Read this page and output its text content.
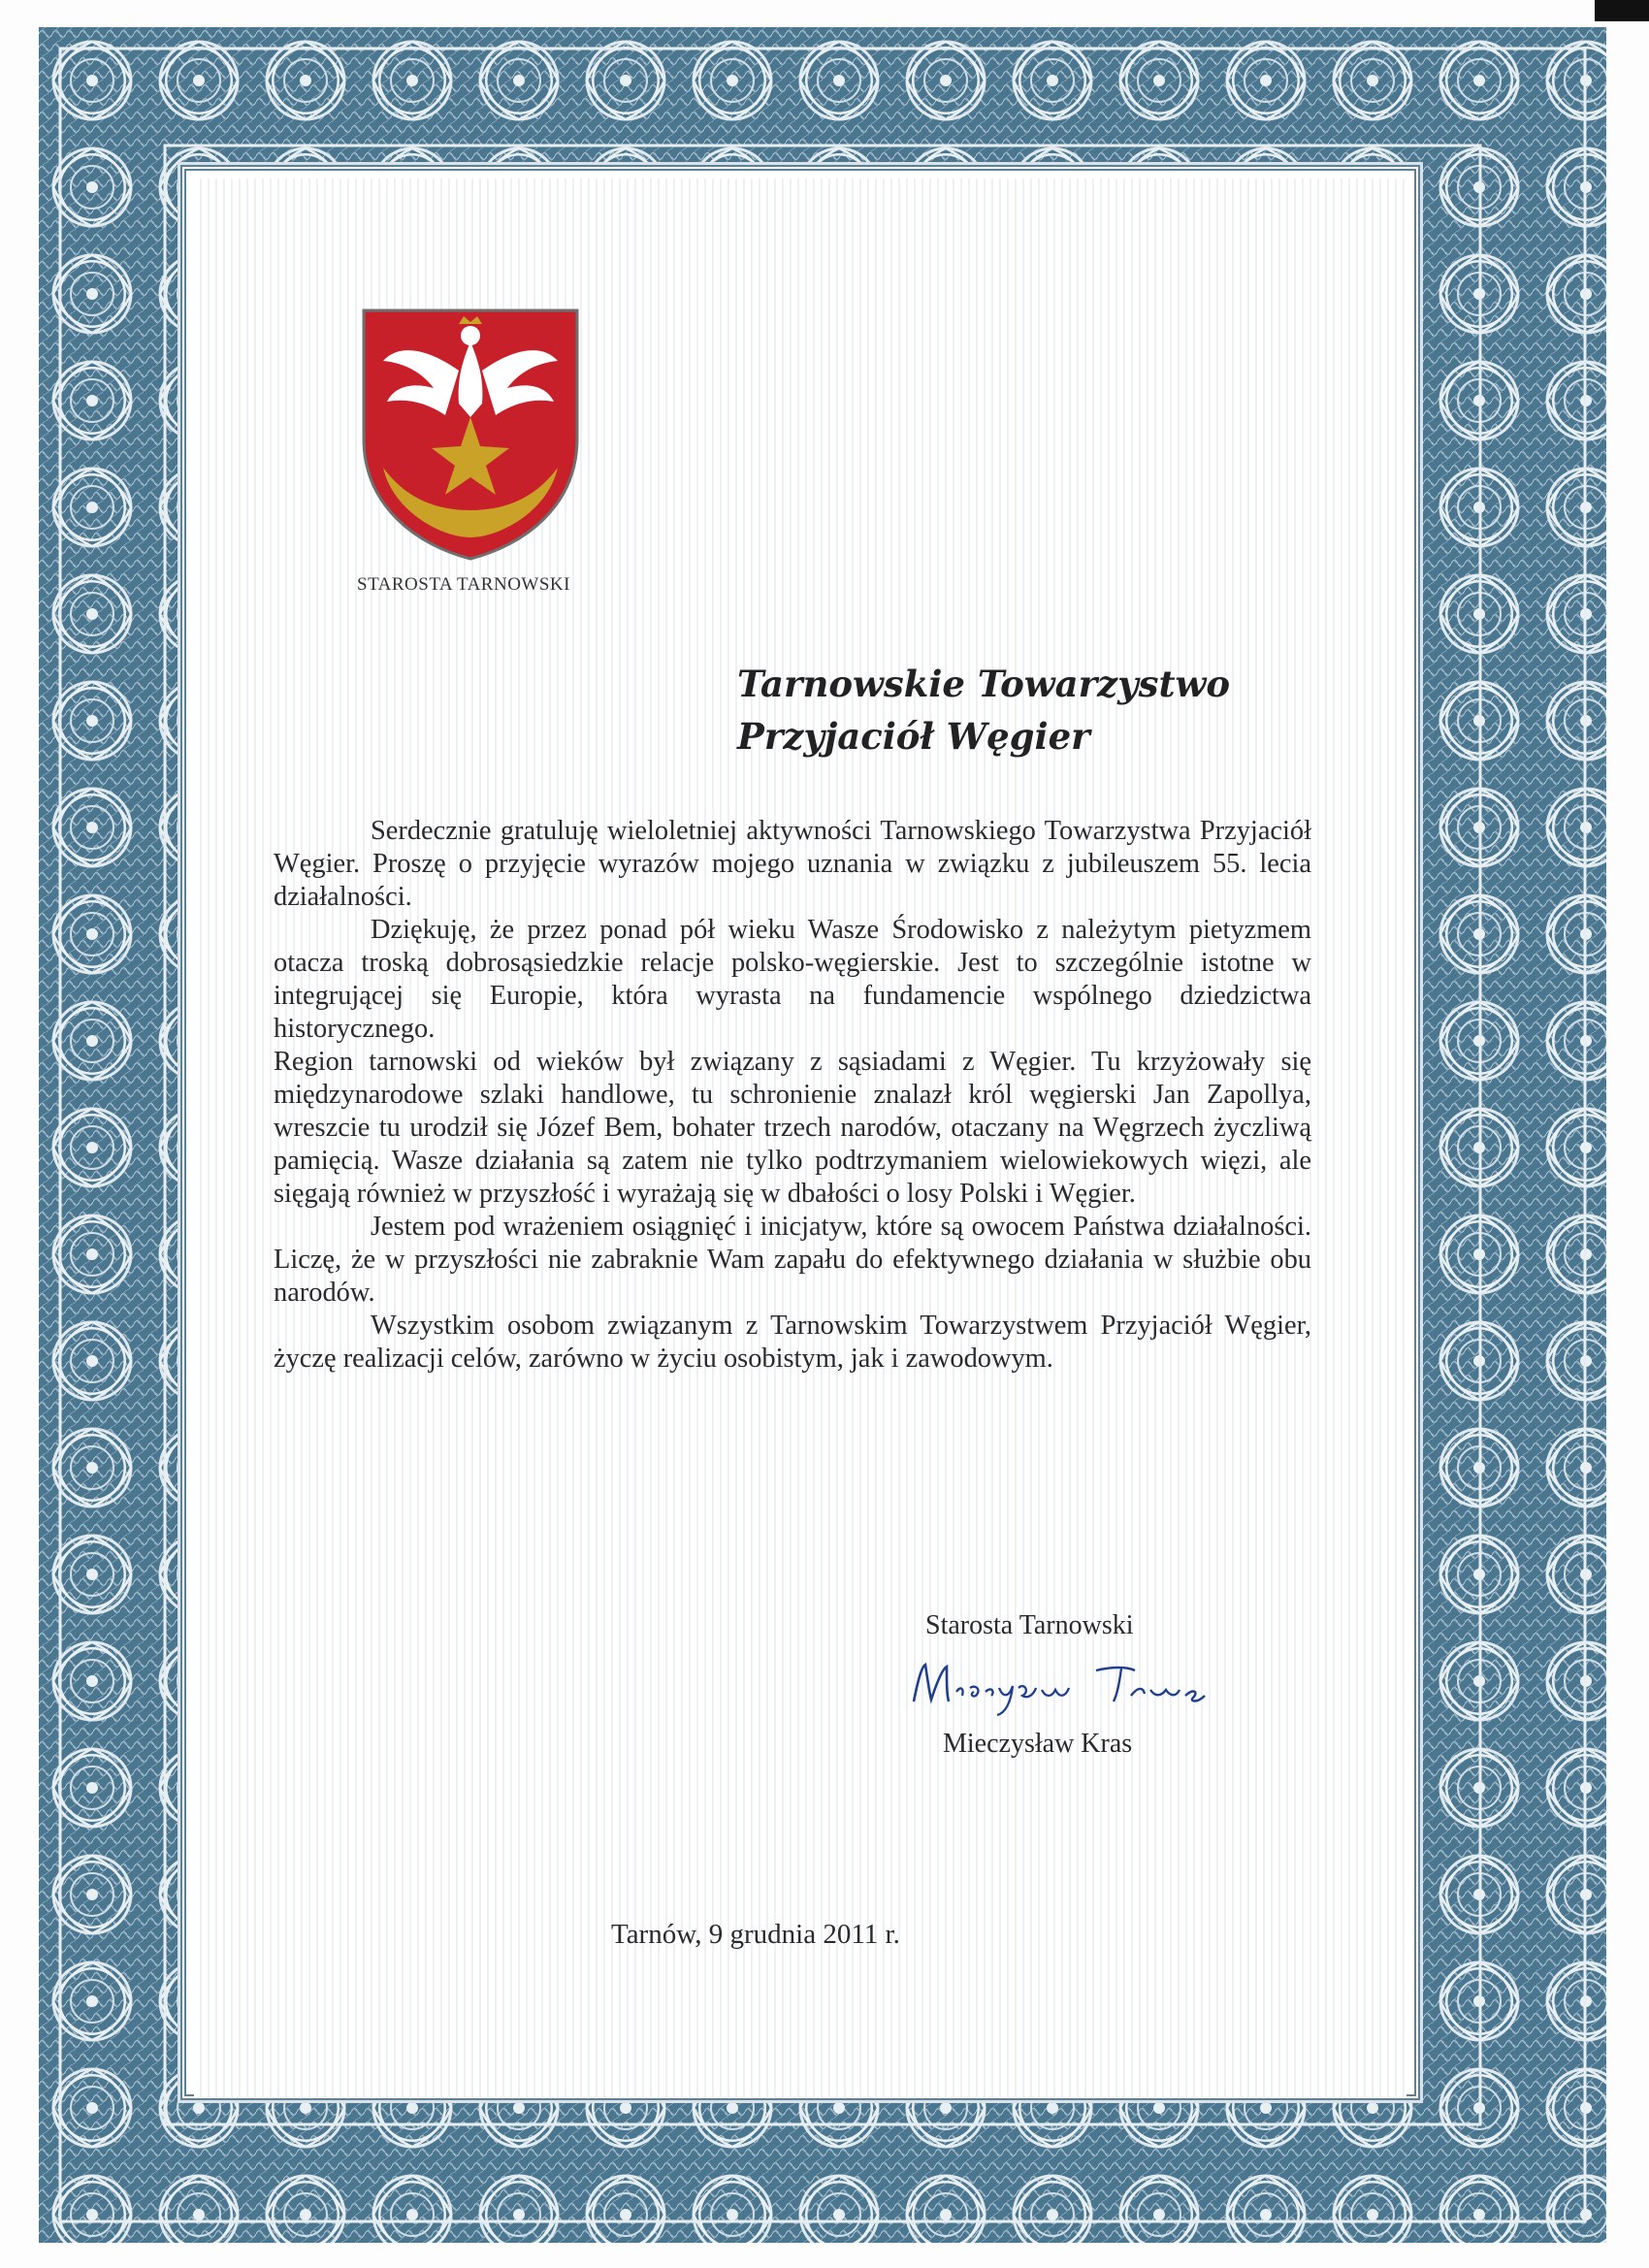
STAROSTA TARNOWSKI
Tarnowskie Towarzystwo
Przyjaciół Węgier

Serdecznie gratuluję wieloletniej aktywności Tarnowskiego Towarzystwa Przyjaciół Węgier. Proszę o przyjęcie wyrazów mojego uznania w związku z jubileuszem 55. lecia działalności.

Dziękuję, że przez ponad pół wieku Wasze Środowisko z należytym pietyzmem otacza troską dobrosąsiedzkie relacje polsko-węgierskie. Jest to szczególnie istotne w integrującej się Europie, która wyrasta na fundamencie wspólnego dziedzictwa historycznego.

Region tarnowski od wieków był związany z sąsiadami z Węgier. Tu krzyżowały się międzynarodowe szlaki handlowe, tu schronienie znalazł król węgierski Jan Zapollya, wreszcie tu urodził się Józef Bem, bohater trzech narodów, otaczany na Węgrzech życzliwą pamięcią. Wasze działania są zatem nie tylko podtrzymaniem wielowiekowych więzi, ale sięgają również w przyszłość i wyrażają się w dbałości o losy Polski i Węgier.

Jestem pod wrażeniem osiągnięć i inicjatyw, które są owocem Państwa działalności. Liczę, że w przyszłości nie zabraknie Wam zapału do efektywnego działania w służbie obu narodów.

Wszystkim osobom związanym z Tarnowskim Towarzystwem Przyjaciół Węgier, życzę realizacji celów, zarówno w życiu osobistym, jak i zawodowym.

Starosta Tarnowski
Mieczysław Kras
Tarnów, 9 grudnia 2011 r.
